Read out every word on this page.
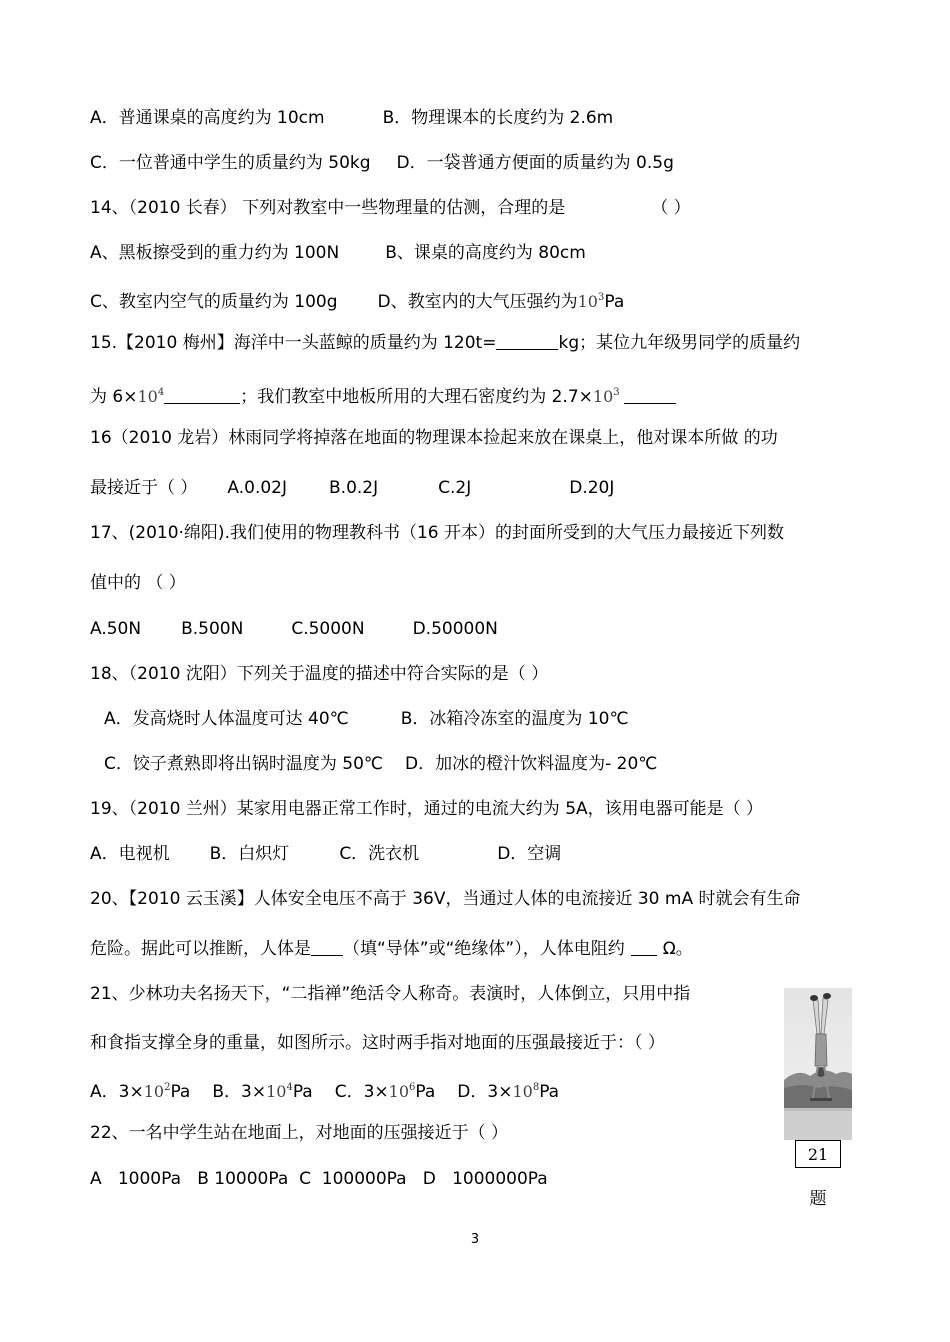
A．普通课桌的高度约为 10cm	B．物理课本的长度约为 2.6m
C．一位普通中学生的质量约为 50kg D．一袋普通方便面的质量约为 0.5g
14、（2010 长春） 下列对教室中一些物理量的估测，合理的是	（ ）
A、黑板擦受到的重力约为 100N	B、课桌的高度约为 80cm
C、教室内空气的质量约为 100g D、教室内的大气压强约为$10^3Pa$
15.【2010 梅州】海洋中一头蓝鲸的质量约为 120t=	kg；某位九年级男同学的质量约
为 $6\times 10^4$	；我们教室中地板所用的大理石密度约为 $2.7\times 10^3$
16（2010 龙岩）林雨同学将掉落在地面的物理课本捡起来放在课桌上，他对课本所做 的功
最接近于（ ） A.0.02J B.0.2J	C.2J	D.20J
17、(2010·绵阳).我们使用的物理教科书（16 开本）的封面所受到的大气压力最接近下列数
值中的 （ ）
A.50N B.500N	C.5000N	D.50000N
18、（2010 沈阳）下列关于温度的描述中符合实际的是（ ）
A．发高烧时人体温度可达 40℃	B．冰箱冷冻室的温度为 10℃
C．饺子煮熟即将出锅时温度为 50℃ D．加冰的橙汁饮料温度为- 20℃
19、（2010 兰州）某家用电器正常工作时，通过的电流大约为 5A，该用电器可能是（ ）
A．电视机 B．白炽灯	C．洗衣机	D．空调
20、【2010 云玉溪】人体安全电压不高于 36V，当通过人体的电流接近 30 mA 时就会有生命
危险。据此可以推断，人体是 （填“导体”或“绝缘体”），人体电阻约 Ω。
21、少林功夫名扬天下，“二指禅”绝活令人称奇。表演时，人体倒立，只用中指
和食指支撑全身的重量，如图所示。这时两手指对地面的压强最接近于：（ ）
A．$3\times 10^2Pa$ B．$3\times 10^4Pa$ C．$3\times 10^6Pa$ D．$3\times 10^8Pa$
22、一名中学生站在地面上，对地面的压强接近于（ ）
A   1000Pa   B 10000Pa  C  100000Pa   D   1000000Pa
21
题
3
